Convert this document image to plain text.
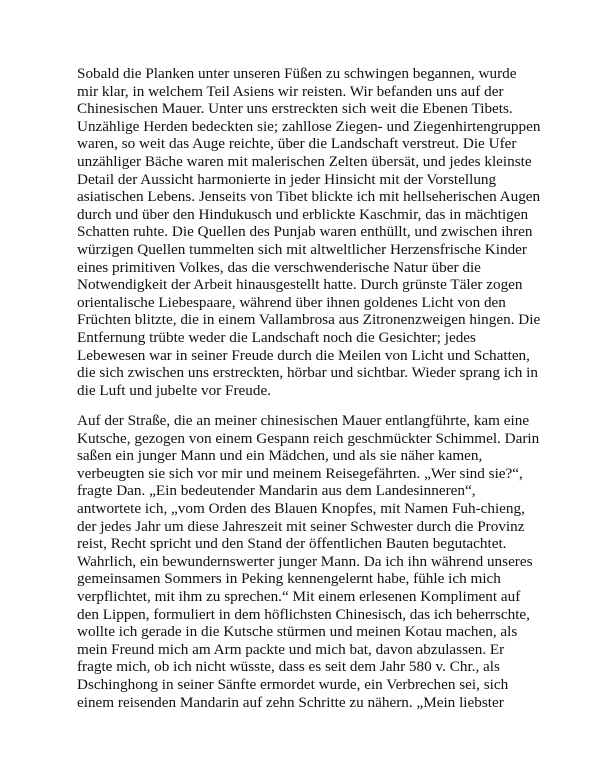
Sobald die Planken unter unseren Füßen zu schwingen begannen, wurde
mir klar, in welchem Teil Asiens wir reisten. Wir befanden uns auf der
Chinesischen Mauer. Unter uns erstreckten sich weit die Ebenen Tibets.
Unzählige Herden bedeckten sie; zahllose Ziegen- und Ziegenhirtengruppen
waren, so weit das Auge reichte, über die Landschaft verstreut. Die Ufer
unzähliger Bäche waren mit malerischen Zelten übersät, und jedes kleinste
Detail der Aussicht harmonierte in jeder Hinsicht mit der Vorstellung
asiatischen Lebens. Jenseits von Tibet blickte ich mit hellseherischen Augen
durch und über den Hindukusch und erblickte Kaschmir, das in mächtigen
Schatten ruhte. Die Quellen des Punjab waren enthüllt, und zwischen ihren
würzigen Quellen tummelten sich mit altweltlicher Herzensfrische Kinder
eines primitiven Volkes, das die verschwenderische Natur über die
Notwendigkeit der Arbeit hinausgestellt hatte. Durch grünste Täler zogen
orientalische Liebespaare, während über ihnen goldenes Licht von den
Früchten blitzte, die in einem Vallambrosa aus Zitronenzweigen hingen. Die
Entfernung trübte weder die Landschaft noch die Gesichter; jedes
Lebewesen war in seiner Freude durch die Meilen von Licht und Schatten,
die sich zwischen uns erstreckten, hörbar und sichtbar. Wieder sprang ich in
die Luft und jubelte vor Freude.
Auf der Straße, die an meiner chinesischen Mauer entlangführte, kam eine
Kutsche, gezogen von einem Gespann reich geschmückter Schimmel. Darin
saßen ein junger Mann und ein Mädchen, und als sie näher kamen,
verbeugten sie sich vor mir und meinem Reisegefährten. „Wer sind sie?“,
fragte Dan. „Ein bedeutender Mandarin aus dem Landesinneren“,
antwortete ich, „vom Orden des Blauen Knopfes, mit Namen Fuh-chieng,
der jedes Jahr um diese Jahreszeit mit seiner Schwester durch die Provinz
reist, Recht spricht und den Stand der öffentlichen Bauten begutachtet.
Wahrlich, ein bewundernswerter junger Mann. Da ich ihn während unseres
gemeinsamen Sommers in Peking kennengelernt habe, fühle ich mich
verpflichtet, mit ihm zu sprechen.“ Mit einem erlesenen Kompliment auf
den Lippen, formuliert in dem höflichsten Chinesisch, das ich beherrschte,
wollte ich gerade in die Kutsche stürmen und meinen Kotau machen, als
mein Freund mich am Arm packte und mich bat, davon abzulassen. Er
fragte mich, ob ich nicht wüsste, dass es seit dem Jahr 580 v. Chr., als
Dschinghong in seiner Sänfte ermordet wurde, ein Verbrechen sei, sich
einem reisenden Mandarin auf zehn Schritte zu nähern. „Mein liebster
